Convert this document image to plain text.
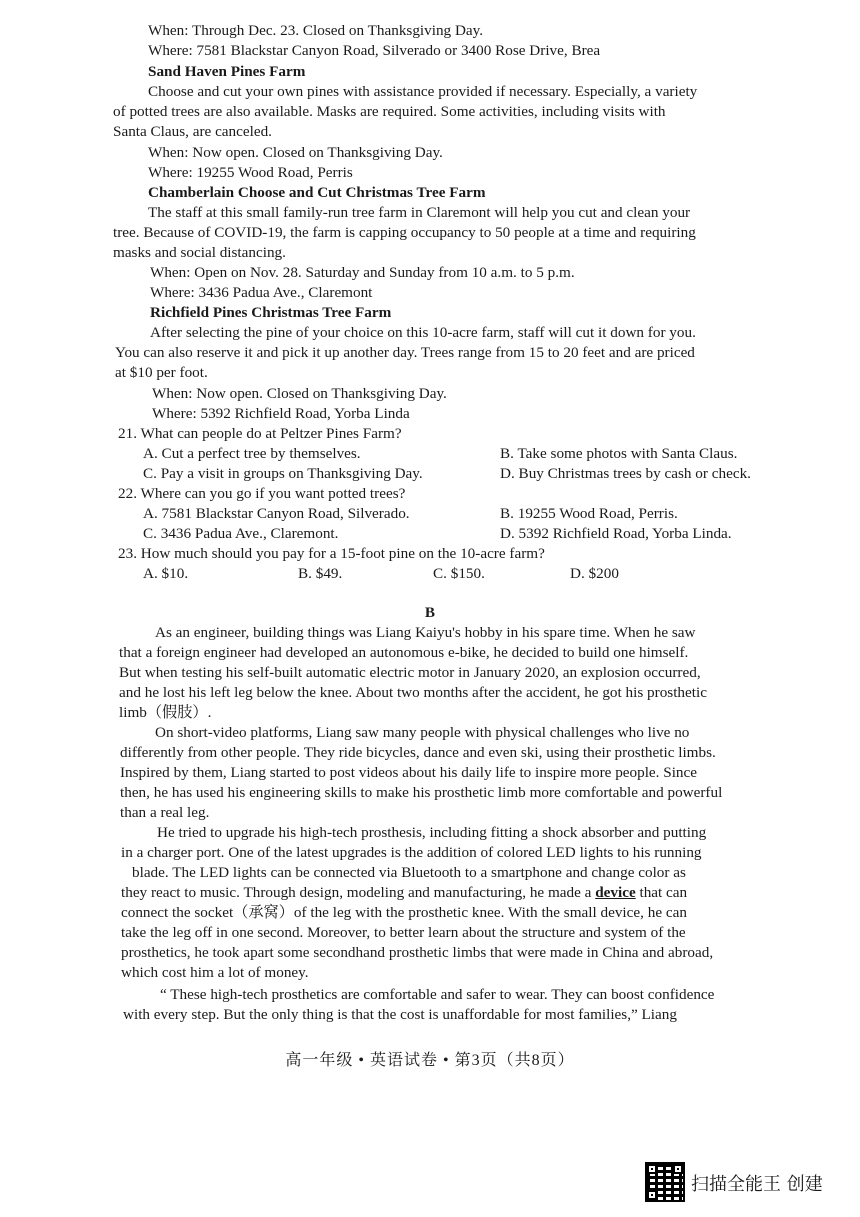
When: Through Dec. 23. Closed on Thanksgiving Day.
Where: 7581 Blackstar Canyon Road, Silverado or 3400 Rose Drive, Brea
Sand Haven Pines Farm
Choose and cut your own pines with assistance provided if necessary. Especially, a variety
of potted trees are also available. Masks are required. Some activities, including visits with
Santa Claus, are canceled.
When: Now open. Closed on Thanksgiving Day.
Where: 19255 Wood Road, Perris
Chamberlain Choose and Cut Christmas Tree Farm
The staff at this small family-run tree farm in Claremont will help you cut and clean your
tree. Because of COVID-19, the farm is capping occupancy to 50 people at a time and requiring
masks and social distancing.
When: Open on Nov. 28. Saturday and Sunday from 10 a.m. to 5 p.m.
Where: 3436 Padua Ave., Claremont
Richfield Pines Christmas Tree Farm
After selecting the pine of your choice on this 10-acre farm, staff will cut it down for you.
You can also reserve it and pick it up another day. Trees range from 15 to 20 feet and are priced
at $10 per foot.
When: Now open. Closed on Thanksgiving Day.
Where: 5392 Richfield Road, Yorba Linda
21. What can people do at Peltzer Pines Farm?
A. Cut a perfect tree by themselves.	B. Take some photos with Santa Claus.
C. Pay a visit in groups on Thanksgiving Day.	D. Buy Christmas trees by cash or check.
22. Where can you go if you want potted trees?
A. 7581 Blackstar Canyon Road, Silverado.	B. 19255 Wood Road, Perris.
C. 3436 Padua Ave., Claremont.	D. 5392 Richfield Road, Yorba Linda.
23. How much should you pay for a 15-foot pine on the 10-acre farm?
A. $10.	B. $49.	C. $150.	D. $200
B
As an engineer, building things was Liang Kaiyu's hobby in his spare time. When he saw
that a foreign engineer had developed an autonomous e-bike, he decided to build one himself.
But when testing his self-built automatic electric motor in January 2020, an explosion occurred,
and he lost his left leg below the knee. About two months after the accident, he got his prosthetic
limb（假肢）.
On short-video platforms, Liang saw many people with physical challenges who live no
differently from other people. They ride bicycles, dance and even ski, using their prosthetic limbs.
Inspired by them, Liang started to post videos about his daily life to inspire more people. Since
then, he has used his engineering skills to make his prosthetic limb more comfortable and powerful
than a real leg.
He tried to upgrade his high-tech prosthesis, including fitting a shock absorber and putting
in a charger port. One of the latest upgrades is the addition of colored LED lights to his running
blade. The LED lights can be connected via Bluetooth to a smartphone and change color as
they react to music. Through design, modeling and manufacturing, he made a device that can
connect the socket（承窝）of the leg with the prosthetic knee. With the small device, he can
take the leg off in one second. Moreover, to better learn about the structure and system of the
prosthetics, he took apart some secondhand prosthetic limbs that were made in China and abroad,
which cost him a lot of money.
“ These high-tech prosthetics are comfortable and safer to wear. They can boost confidence
with every step. But the only thing is that the cost is unaffordable for most families,” Liang
高一年级 • 英语试卷 • 第3页（共8页）
扫描全能王 创建
